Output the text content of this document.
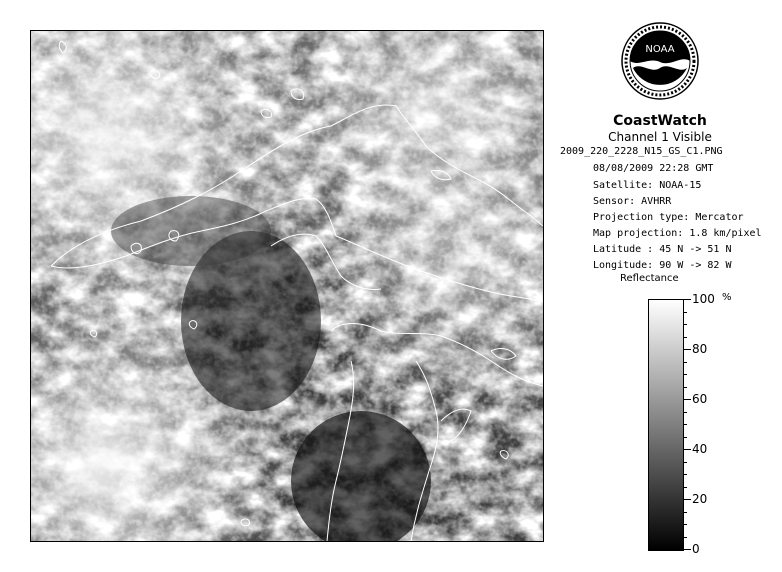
NOAA
CoastWatch
Channel 1 Visible
2009_220_2228_N15_GS_C1.PNG
08/08/2009 22:28 GMT
Satellite: NOAA-15
Sensor: AVHRR
Projection type: Mercator
Map projection: 1.8 km/pixel
Latitude : 45 N -> 51 N
Longitude: 90 W -> 82 W
Reflectance
%
100
80
60
40
20
0
